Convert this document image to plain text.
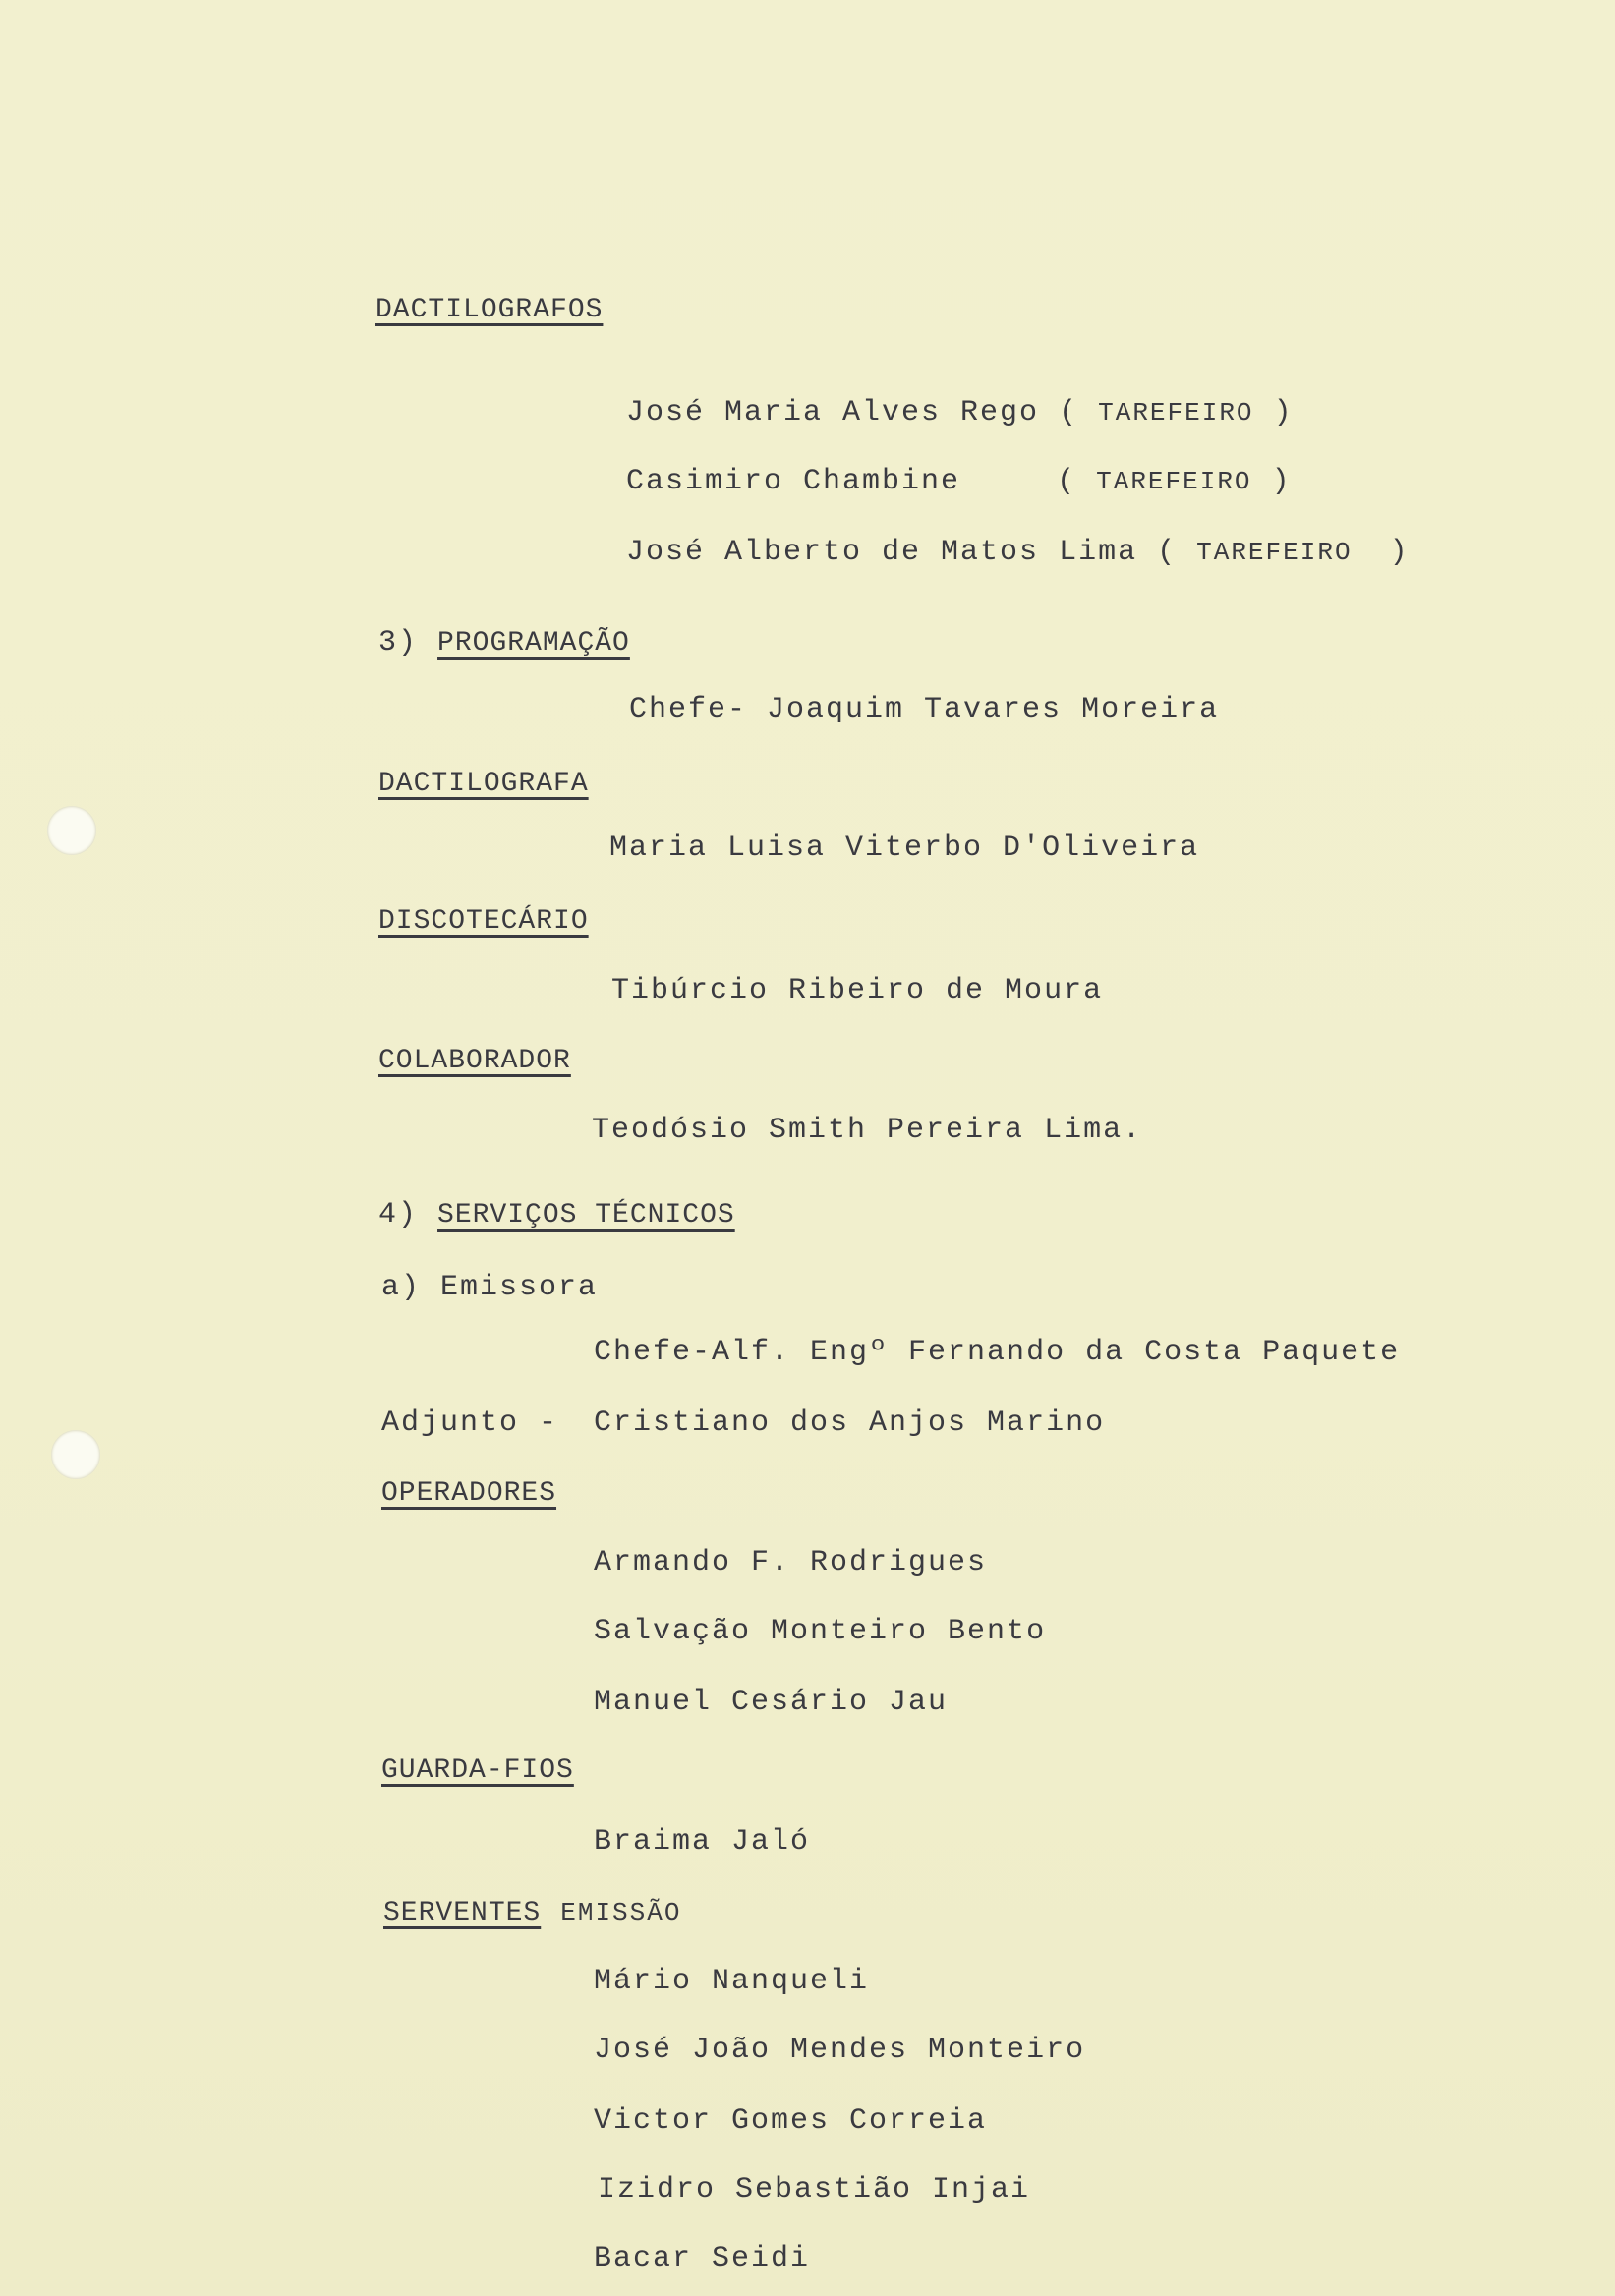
DACTILOGRAFOS
José Maria Alves Rego ( TAREFEIRO )
Casimiro Chambine	( TAREFEIRO )
José Alberto de Matos Lima ( TAREFEIRO )
3) PROGRAMAÇÃO
Chefe- Joaquim Tavares Moreira
DACTILOGRAFA
Maria Luisa Viterbo D'Oliveira
DISCOTECÁRIO
Tibúrcio Ribeiro de Moura
COLABORADOR
Teodósio Smith Pereira Lima.
4) SERVIÇOS TÉCNICOS
a) Emissora
Chefe-Alf. Engº Fernando da Costa Paquete
Adjunto - Cristiano dos Anjos Marino
OPERADORES
Armando F. Rodrigues
Salvação Monteiro Bento
Manuel Cesário Jau
GUARDA-FIOS
Braima Jaló
SERVENTES EMISSÃO
Mário Nanqueli
José João Mendes Monteiro
Victor Gomes Correia
Izidro Sebastião Injai
Bacar Seidi
